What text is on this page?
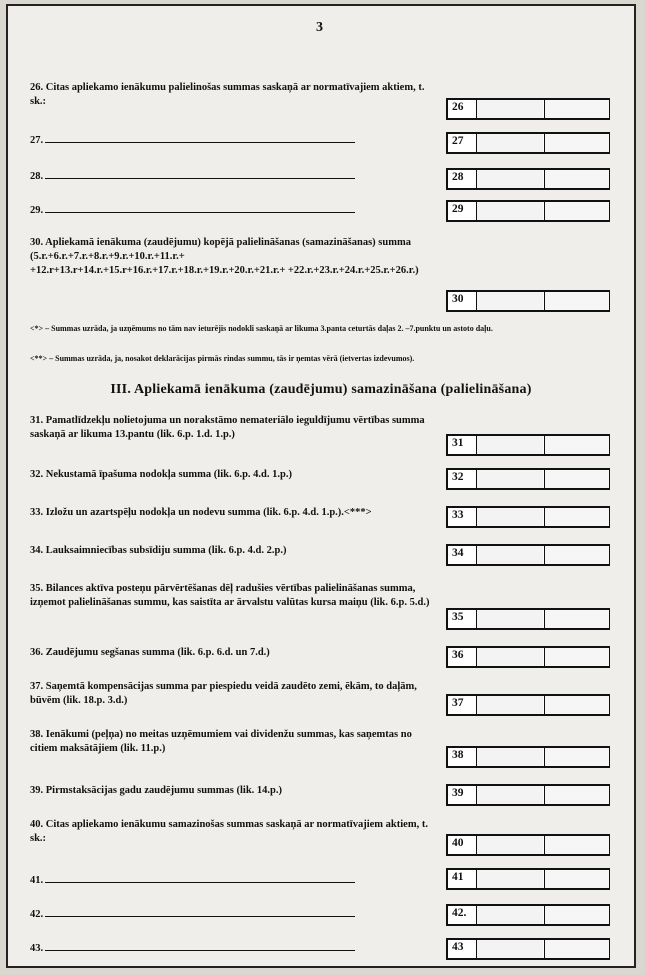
3
26. Citas apliekamo ienākumu palielinošas summas saskaņā ar normatīvajiem aktiem, t. sk.:	26
27.	27
28.	28
29.	29
30. Apliekamā ienākuma (zaudējumu) kopējā palielināšanas (samazināšanas) summa (5.r.+6.r.+7.r.+8.r.+9.r.+10.r.+11.r.+ +12.r+13.r+14.r.+15.r+16.r.+17.r.+18.r.+19.r.+20.r.+21.r.+ +22.r.+23.r.+24.r.+25.r.+26.r.)
30
31. Pamatlīdzekļu nolietojuma un norakstāmo nemateriālo ieguldījumu vērtības summa saskaņā ar likuma 13.pantu (lik. 6.p. 1.d. 1.p.)
31
32. Nekustamā īpašuma nodokļa summa (lik. 6.p. 4.d. 1.p.)	32
33. Izložu un azartspēļu nodokļa un nodevu summa (lik. 6.p. 4.d. 1.p.).<***>	33
34. Lauksaimniecības subsīdiju summa (lik. 6.p. 4.d. 2.p.)	34
35. Bilances aktīva posteņu pārvērtēšanas dēļ radušies vērtības palielināšanas summa, izņemot palielināšanas summu, kas saistīta ar ārvalstu valūtas kursa maiņu (lik. 6.p. 5.d.)
35
36. Zaudējumu segšanas summa (lik. 6.p. 6.d. un 7.d.)	36
37. Saņemtā kompensācijas summa par piespiedu veidā zaudēto zemi, ēkām, to daļām, būvēm (lik. 18.p. 3.d.)	37
38. Ienākumi (peļņa) no meitas uzņēmumiem vai dividenžu summas, kas saņemtas no citiem maksātājiem (lik. 11.p.)
38
39. Pirmstaksācijas gadu zaudējumu summas (lik. 14.p.)	39
40. Citas apliekamo ienākumu samazinošas summas saskaņā ar normatīvajiem aktiem, t. sk.:	40
41.	41
42.	42.
43.	43
<*> – Summas uzrāda, ja uzņēmums no tām nav ieturējis nodokli saskaņā ar likuma 3.panta ceturtās daļas 2. –7.punktu un astoto daļu.
<**> – Summas uzrāda, ja, nosakot deklarācijas pirmās rindas summu, tās ir ņemtas vērā (ietvertas izdevumos).
III. Apliekamā ienākuma (zaudējumu) samazināšana (palielināšana)
